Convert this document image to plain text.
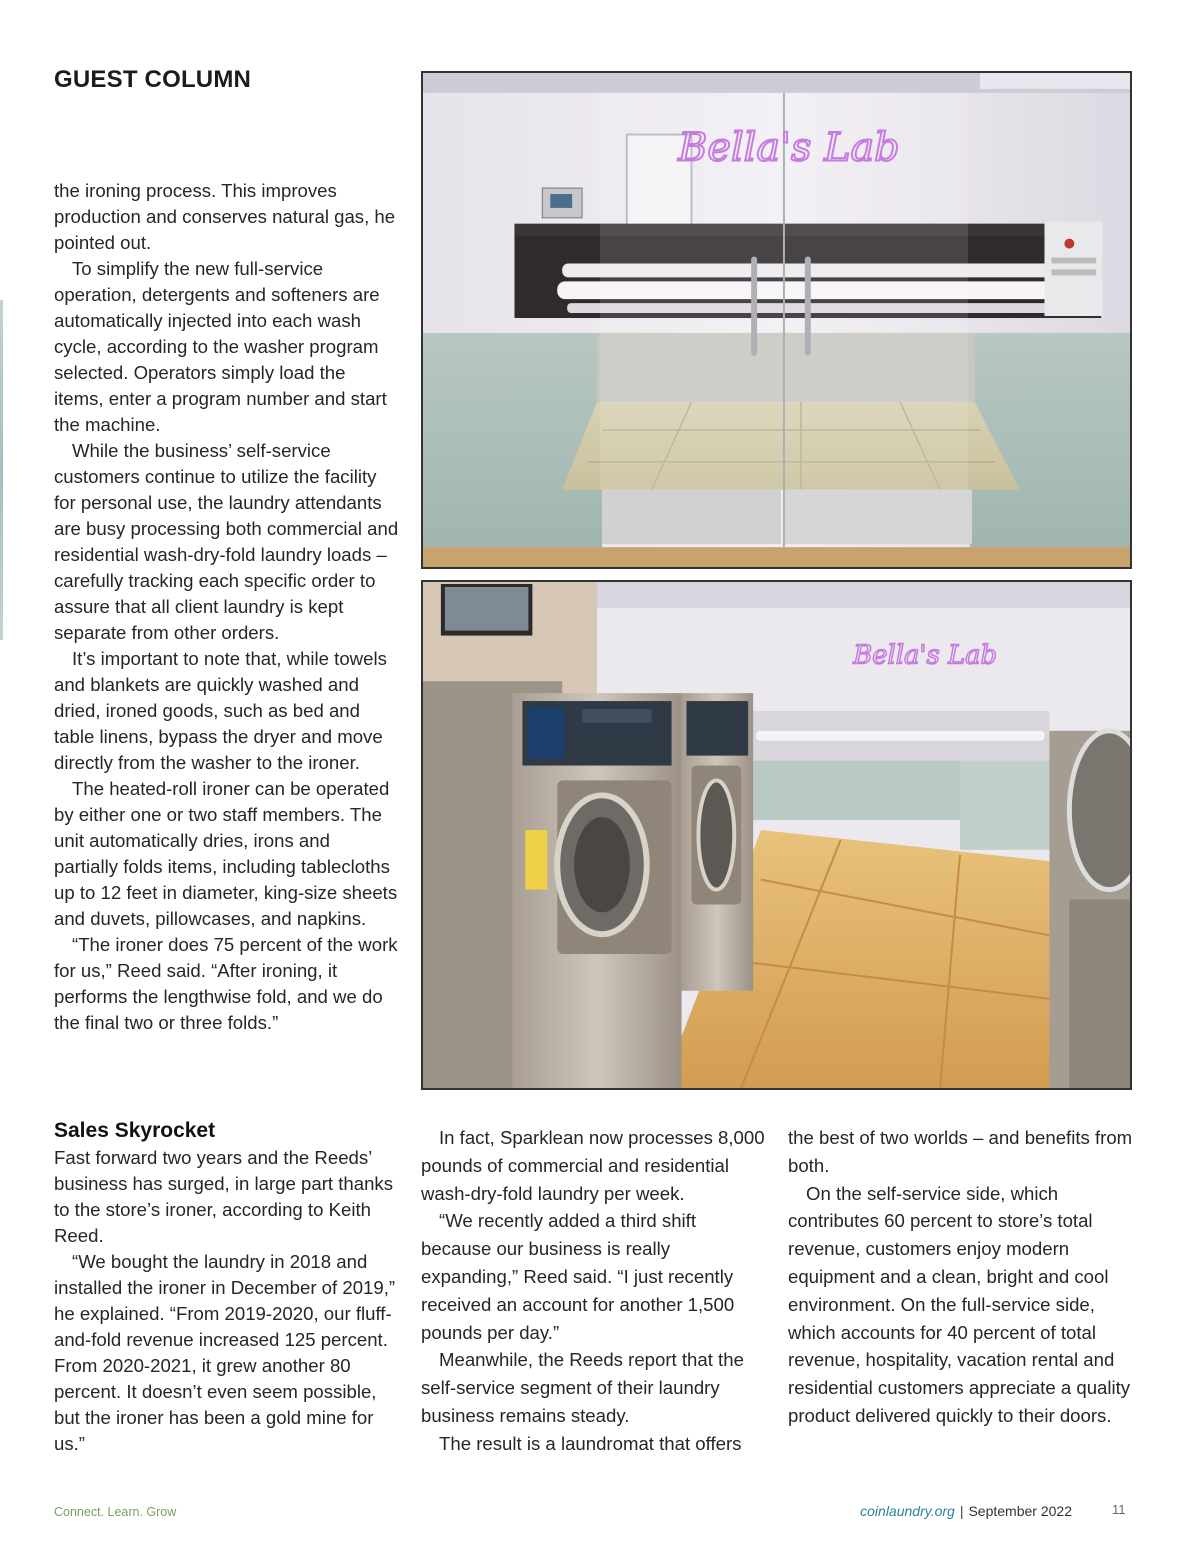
GUEST COLUMN

the ironing process. This improves production and conserves natural gas, he pointed out.

To simplify the new full-service operation, detergents and softeners are automatically injected into each wash cycle, according to the washer program selected. Operators simply load the items, enter a program number and start the machine.

While the business’ self-service customers continue to utilize the facility for personal use, the laundry attendants are busy processing both commercial and residential wash-dry-fold laundry loads – carefully tracking each specific order to assure that all client laundry is kept separate from other orders.

It’s important to note that, while towels and blankets are quickly washed and dried, ironed goods, such as bed and table linens, bypass the dryer and move directly from the washer to the ironer.

The heated-roll ironer can be operated by either one or two staff members. The unit automatically dries, irons and partially folds items, including tablecloths up to 12 feet in diameter, king-size sheets and duvets, pillowcases, and napkins.

“The ironer does 75 percent of the work for us,” Reed said. “After ironing, it performs the lengthwise fold, and we do the final two or three folds.”

Bella's Lab
Bella's Lab
Sales Skyrocket

Fast forward two years and the Reeds’ business has surged, in large part thanks to the store’s ironer, according to Keith Reed.

“We bought the laundry in 2018 and installed the ironer in December of 2019,” he explained. “From 2019-2020, our fluff-and-fold revenue increased 125 percent. From 2020-2021, it grew another 80 percent. It doesn’t even seem possible, but the ironer has been a gold mine for us.”

In fact, Sparklean now processes 8,000 pounds of commercial and residential wash-dry-fold laundry per week.

“We recently added a third shift because our business is really expanding,” Reed said. “I just recently received an account for another 1,500 pounds per day.”

Meanwhile, the Reeds report that the self-service segment of their laundry business remains steady.

The result is a laundromat that offers

the best of two worlds – and benefits from both.

On the self-service side, which contributes 60 percent to store’s total revenue, customers enjoy modern equipment and a clean, bright and cool environment. On the full-service side, which accounts for 40 percent of total revenue, hospitality, vacation rental and residential customers appreciate a quality product delivered quickly to their doors.

Connect. Learn. Grow	coinlaundry.org | September 2022	11
